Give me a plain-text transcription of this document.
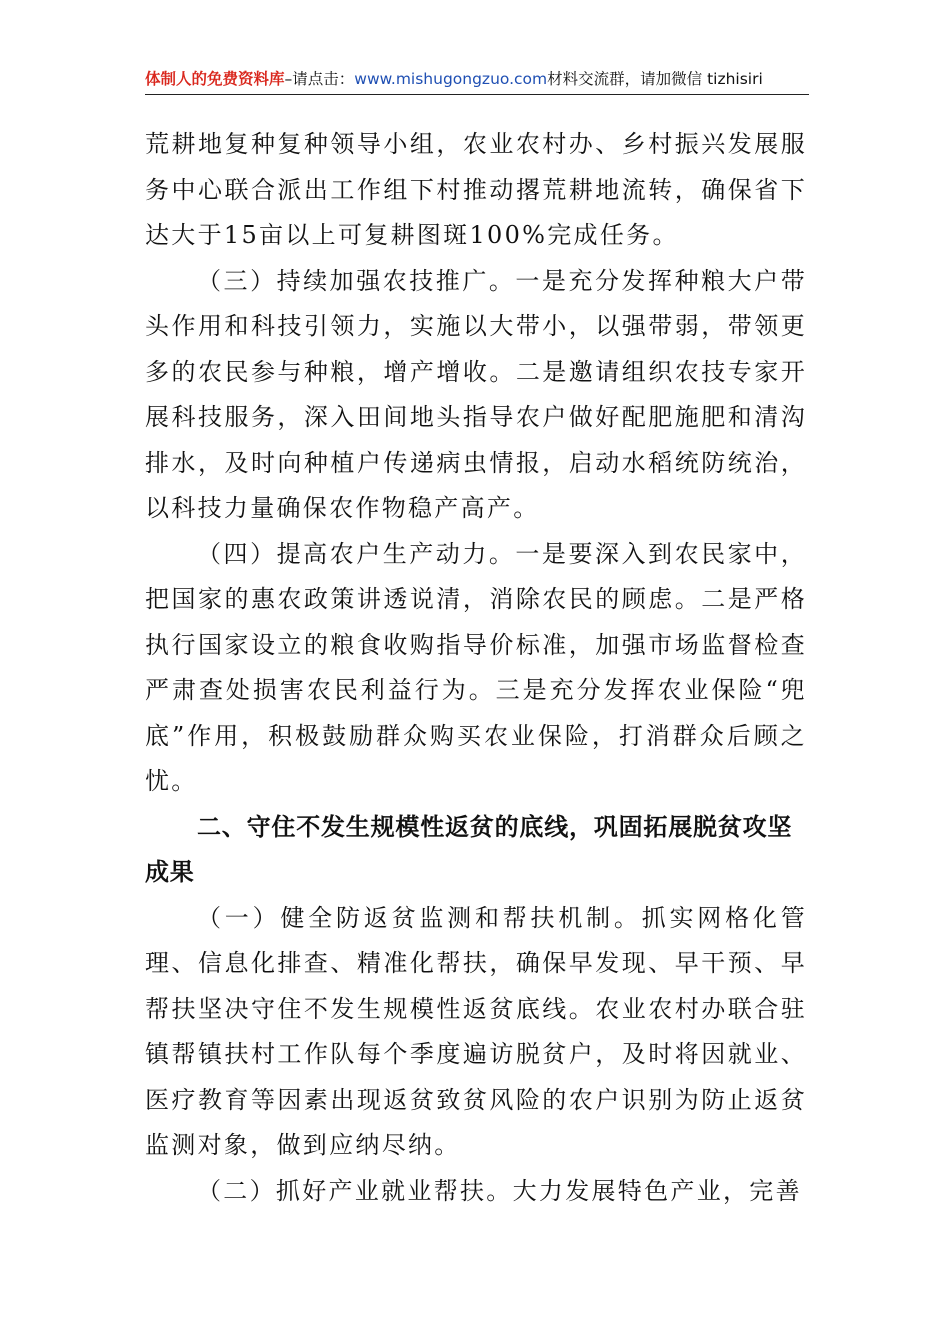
体制人的免费资料库–请点击：www.mishugongzuo.com材料交流群，请加微信 tizhisiri

荒耕地复种复种领导小组，农业农村办、乡村振兴发展服务中心联合派出工作组下村推动撂荒耕地流转，确保省下达大于15亩以上可复耕图斑100%完成任务。

（三）持续加强农技推广。一是充分发挥种粮大户带头作用和科技引领力，实施以大带小，以强带弱，带领更多的农民参与种粮，增产增收。二是邀请组织农技专家开展科技服务，深入田间地头指导农户做好配肥施肥和清沟排水，及时向种植户传递病虫情报，启动水稻统防统治，以科技力量确保农作物稳产高产。

（四）提高农户生产动力。一是要深入到农民家中，把国家的惠农政策讲透说清，消除农民的顾虑。二是严格执行国家设立的粮食收购指导价标准，加强市场监督检查严肃查处损害农民利益行为。三是充分发挥农业保险“兜底”作用，积极鼓励群众购买农业保险，打消群众后顾之忧。

二、守住不发生规模性返贫的底线，巩固拓展脱贫攻坚成果

（一）健全防返贫监测和帮扶机制。抓实网格化管理、信息化排查、精准化帮扶，确保早发现、早干预、早帮扶坚决守住不发生规模性返贫底线。农业农村办联合驻镇帮镇扶村工作队每个季度遍访脱贫户，及时将因就业、医疗教育等因素出现返贫致贫风险的农户识别为防止返贫监测对象，做到应纳尽纳。

（二）抓好产业就业帮扶。大力发展特色产业，完善
